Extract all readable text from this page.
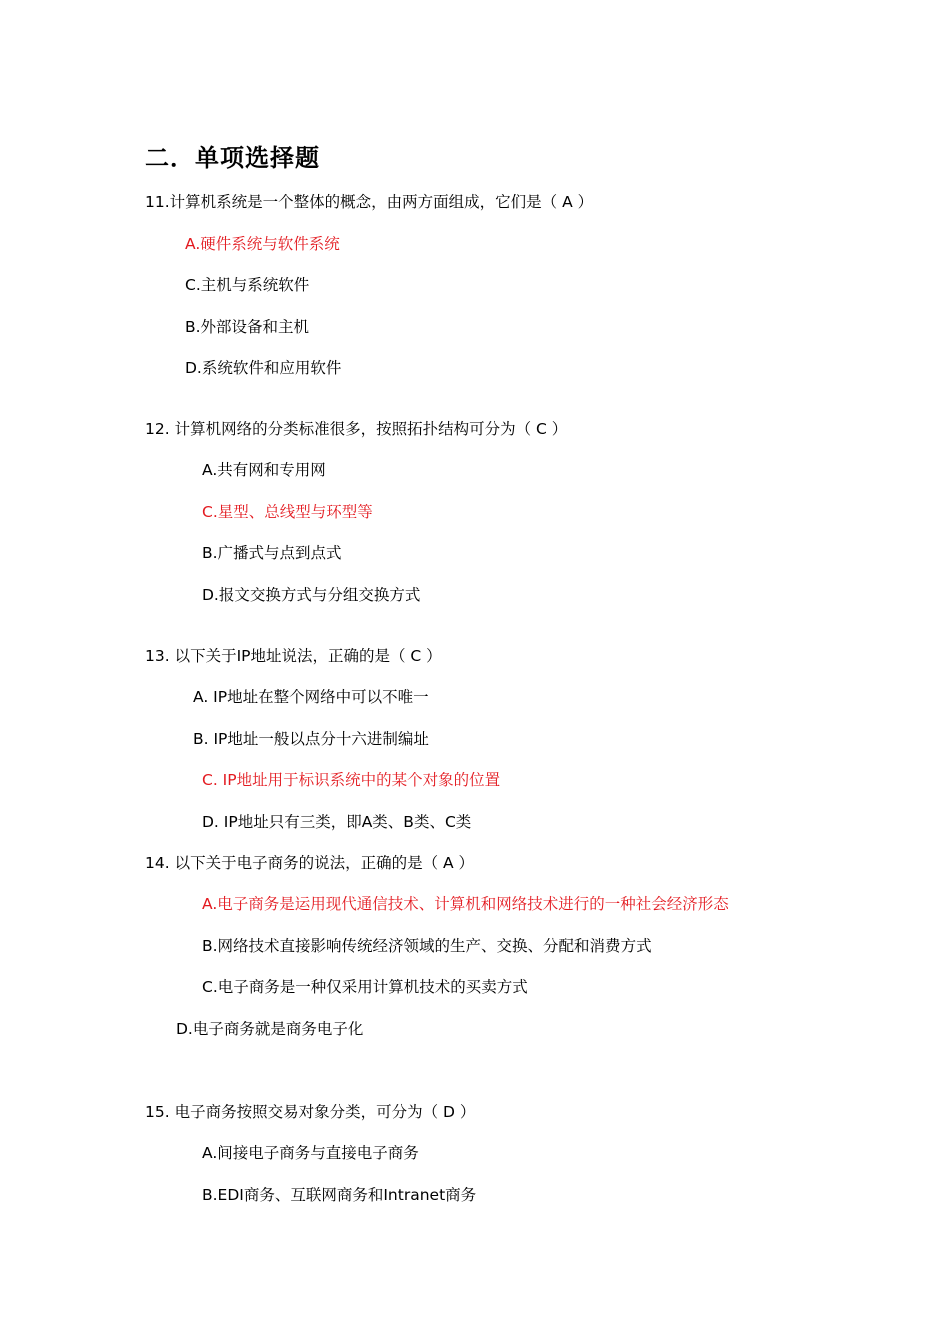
二．单项选择题
11.计算机系统是一个整体的概念，由两方面组成，它们是（ A ）
A.硬件系统与软件系统
C.主机与系统软件
B.外部设备和主机
D.系统软件和应用软件
12. 计算机网络的分类标准很多，按照拓扑结构可分为（ C ）
A.共有网和专用网
C.星型、总线型与环型等
B.广播式与点到点式
D.报文交换方式与分组交换方式
13. 以下关于IP地址说法，正确的是（ C ）
A. IP地址在整个网络中可以不唯一
B. IP地址一般以点分十六进制编址
C. IP地址用于标识系统中的某个对象的位置
D. IP地址只有三类，即A类、B类、C类
14. 以下关于电子商务的说法，正确的是（ A ）
A.电子商务是运用现代通信技术、计算机和网络技术进行的一种社会经济形态
B.网络技术直接影响传统经济领域的生产、交换、分配和消费方式
C.电子商务是一种仅采用计算机技术的买卖方式
D.电子商务就是商务电子化
15. 电子商务按照交易对象分类，可分为（ D ）
A.间接电子商务与直接电子商务
B.EDI商务、互联网商务和Intranet商务
